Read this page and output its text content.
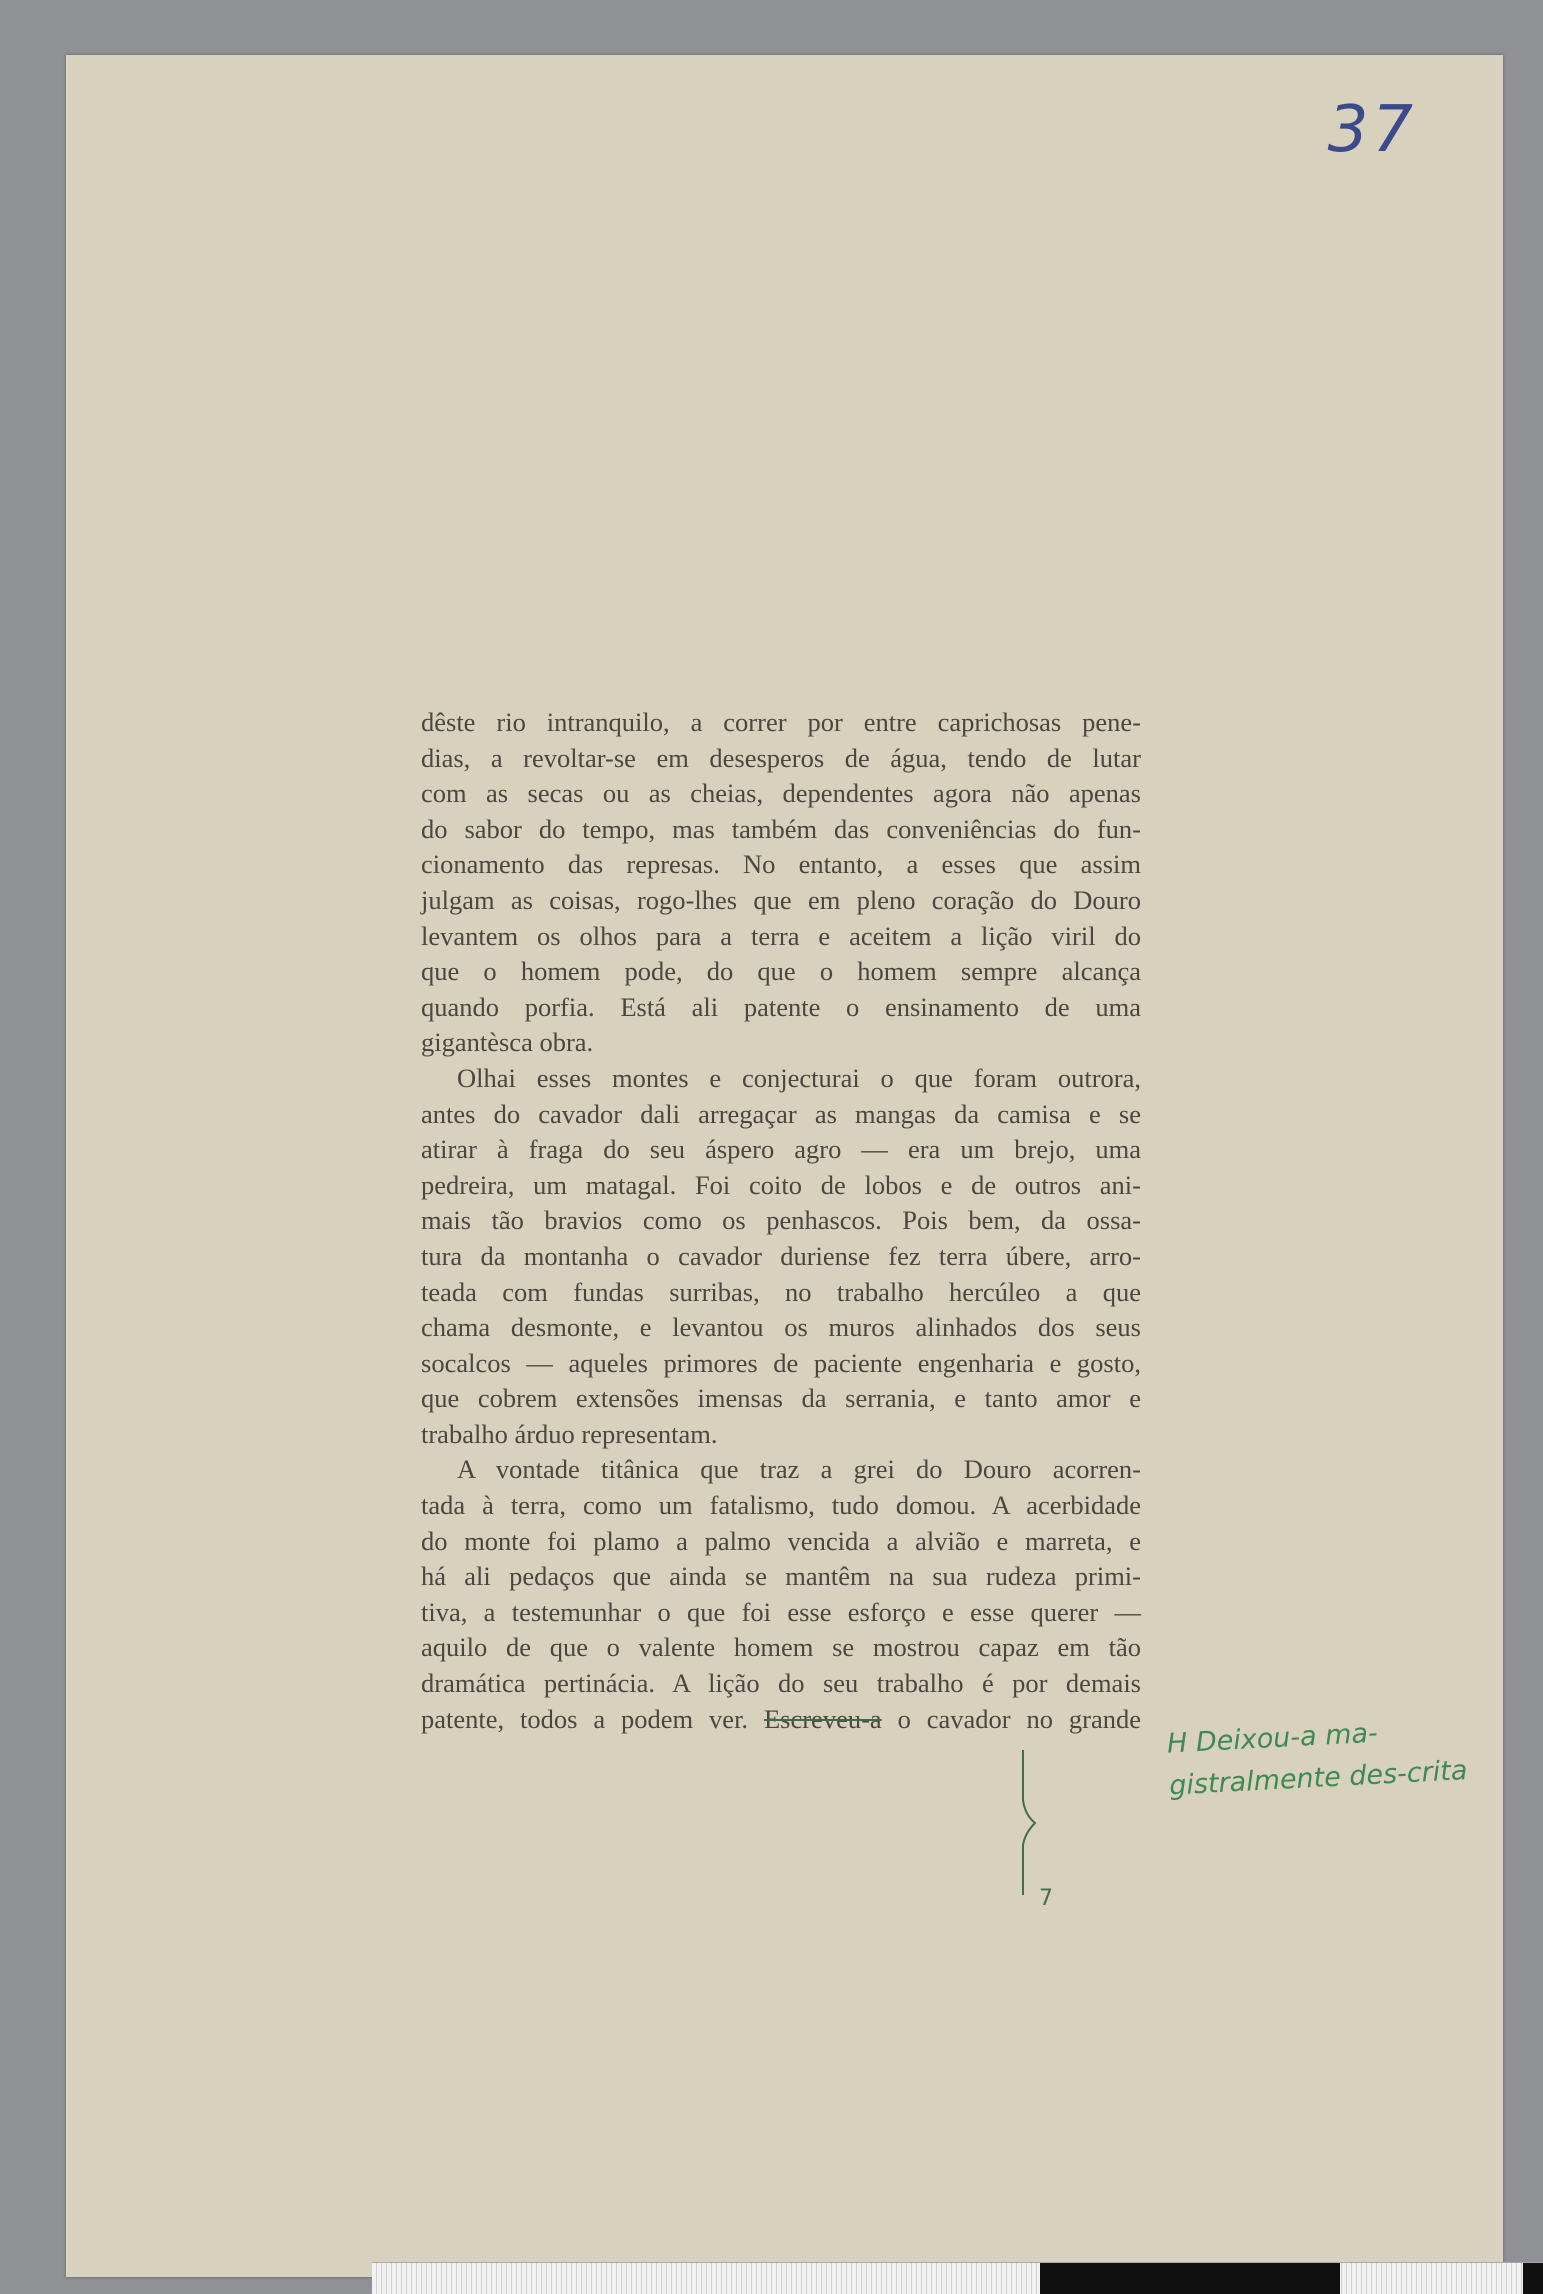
37

dêste rio intranquilo, a correr por entre caprichosas pene-
dias, a revoltar-se em desesperos de água, tendo de lutar
com as secas ou as cheias, dependentes agora não apenas
do sabor do tempo, mas também das conveniências do fun-
cionamento das represas. No entanto, a esses que assim
julgam as coisas, rogo-lhes que em pleno coração do Douro
levantem os olhos para a terra e aceitem a lição viril do
que o homem pode, do que o homem sempre alcança
quando porfia. Está ali patente o ensinamento de uma
gigantèsca obra.

Olhai esses montes e conjecturai o que foram outrora,
antes do cavador dali arregaçar as mangas da camisa e se
atirar à fraga do seu áspero agro — era um brejo, uma
pedreira, um matagal. Foi coito de lobos e de outros ani-
mais tão bravios como os penhascos. Pois bem, da ossa-
tura da montanha o cavador duriense fez terra úbere, arro-
teada com fundas surribas, no trabalho hercúleo a que
chama desmonte, e levantou os muros alinhados dos seus
socalcos — aqueles primores de paciente engenharia e gosto,
que cobrem extensões imensas da serrania, e tanto amor e
trabalho árduo representam.

A vontade titânica que traz a grei do Douro acorren-
tada à terra, como um fatalismo, tudo domou. A acerbidade
do monte foi plamo a palmo vencida a alvião e marreta, e
há ali pedaços que ainda se mantêm na sua rudeza primi-
tiva, a testemunhar o que foi esse esforço e esse querer —
aquilo de que o valente homem se mostrou capaz em tão
dramática pertinácia. A lição do seu trabalho é por demais
patente, todos a podem ver. Escreveu-a o cavador no grande

7
H Deixou-a ma-gistralmente des-crita
